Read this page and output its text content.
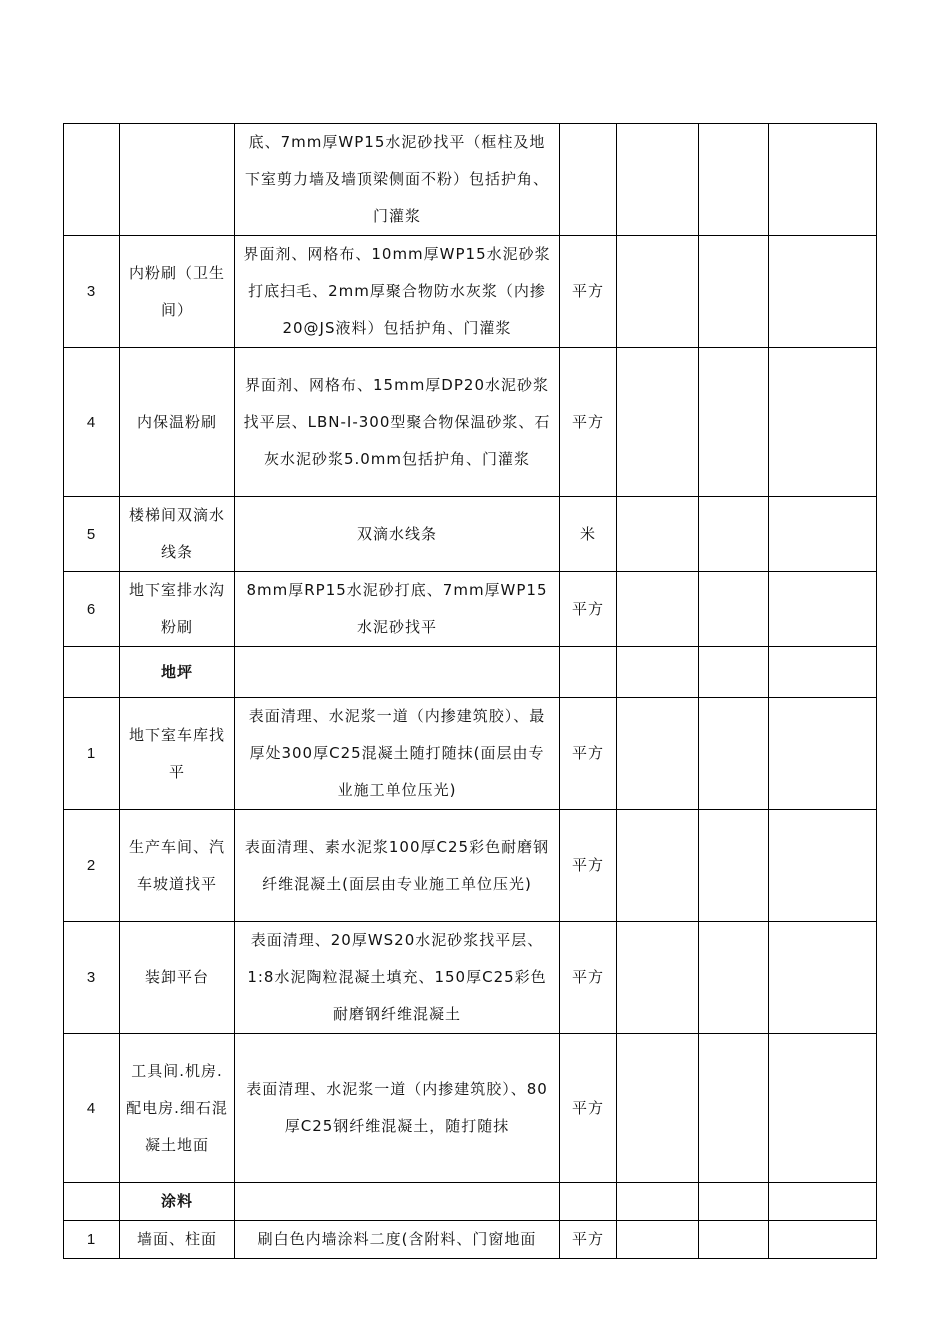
		底、7mm厚WP15水泥砂找平（框柱及地下室剪力墙及墙顶梁侧面不粉）包括护角、门灌浆				
3	内粉刷（卫生间）	界面剂、网格布、10mm厚WP15水泥砂浆打底扫毛、2mm厚聚合物防水灰浆（内掺20@JS液料）包括护角、门灌浆	平方			
4	内保温粉刷	界面剂、网格布、15mm厚DP20水泥砂浆找平层、LBN-I-300型聚合物保温砂浆、石灰水泥砂浆5.0mm包括护角、门灌浆	平方			
5	楼梯间双滴水线条	双滴水线条	米			
6	地下室排水沟粉刷	8mm厚RP15水泥砂打底、7mm厚WP15水泥砂找平	平方			
	地坪					
1	地下室车库找平	表面清理、水泥浆一道（内掺建筑胶）、最厚处300厚C25混凝土随打随抹(面层由专业施工单位压光)	平方			
2	生产车间、汽车坡道找平	表面清理、素水泥浆100厚C25彩色耐磨钢纤维混凝土(面层由专业施工单位压光)	平方			
3	装卸平台	表面清理、20厚WS20水泥砂浆找平层、1:8水泥陶粒混凝土填充、150厚C25彩色耐磨钢纤维混凝土	平方			
4	工具间.机房.配电房.细石混凝土地面	表面清理、水泥浆一道（内掺建筑胶）、80厚C25钢纤维混凝土，随打随抹	平方			
	涂料					
1	墙面、柱面	刷白色内墙涂料二度(含附料、门窗地面	平方			
